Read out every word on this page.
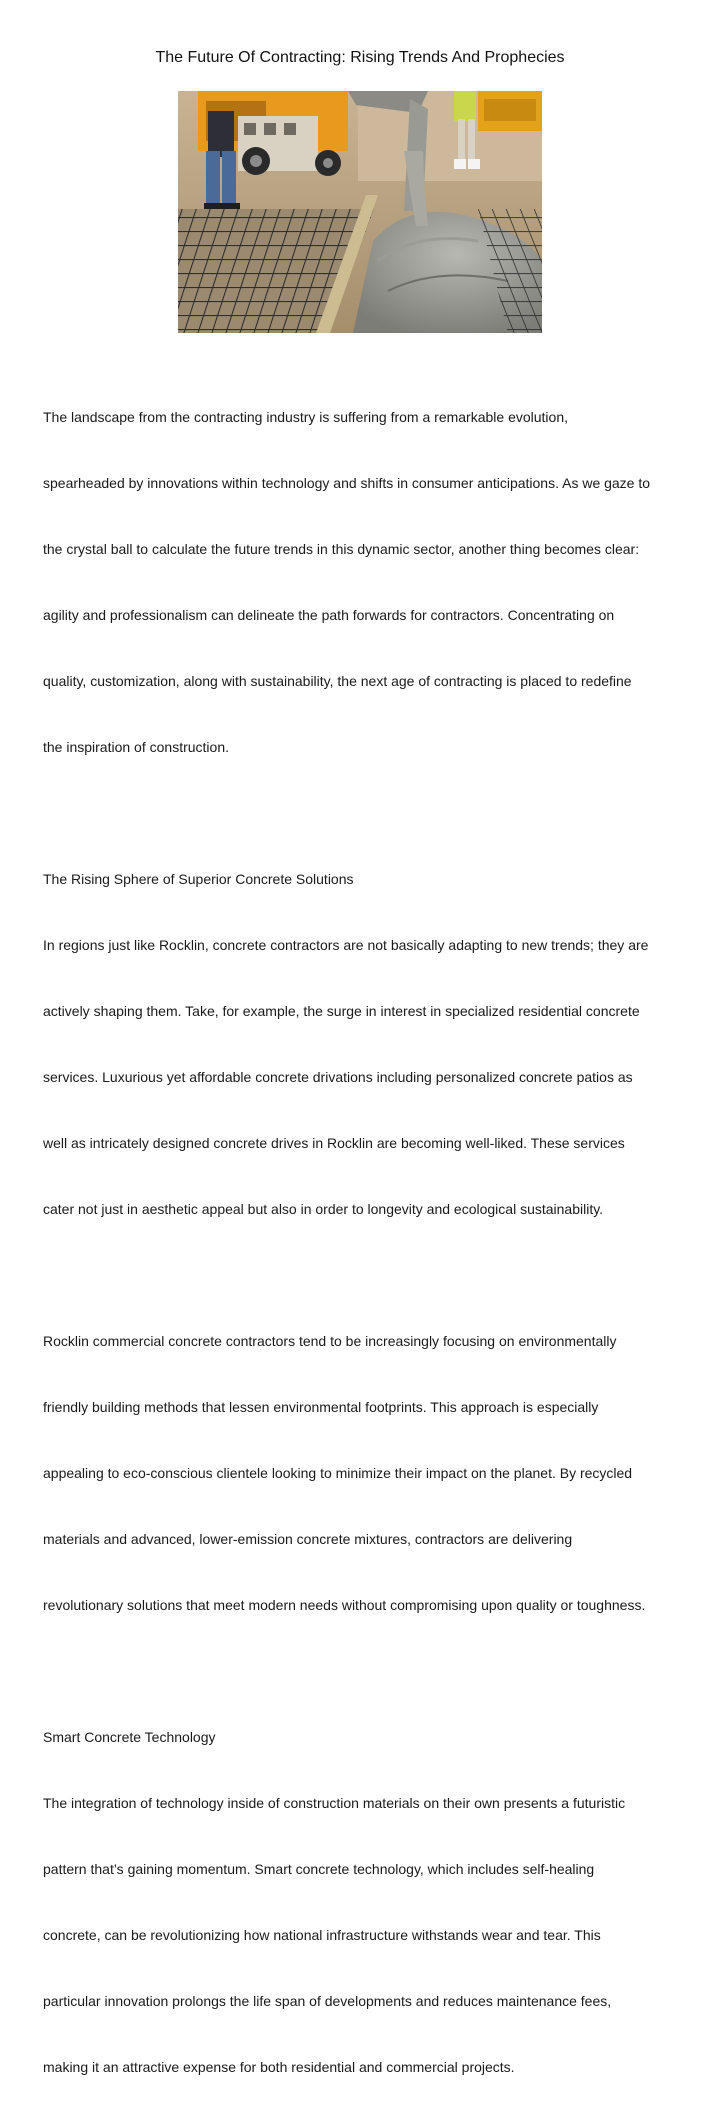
The Future Of Contracting: Rising Trends And Prophecies

The landscape from the contracting industry is suffering from a remarkable evolution,

spearheaded by innovations within technology and shifts in consumer anticipations. As we gaze to

the crystal ball to calculate the future trends in this dynamic sector, another thing becomes clear:

agility and professionalism can delineate the path forwards for contractors. Concentrating on

quality, customization, along with sustainability, the next age of contracting is placed to redefine

the inspiration of construction.

The Rising Sphere of Superior Concrete Solutions

In regions just like Rocklin, concrete contractors are not basically adapting to new trends; they are

actively shaping them. Take, for example, the surge in interest in specialized residential concrete

services. Luxurious yet affordable concrete drivations including personalized concrete patios as

well as intricately designed concrete drives in Rocklin are becoming well-liked. These services

cater not just in aesthetic appeal but also in order to longevity and ecological sustainability.

Rocklin commercial concrete contractors tend to be increasingly focusing on environmentally

friendly building methods that lessen environmental footprints. This approach is especially

appealing to eco-conscious clientele looking to minimize their impact on the planet. By recycled

materials and advanced, lower-emission concrete mixtures, contractors are delivering

revolutionary solutions that meet modern needs without compromising upon quality or toughness.

Smart Concrete Technology

The integration of technology inside of construction materials on their own presents a futuristic

pattern that’s gaining momentum. Smart concrete technology, which includes self-healing

concrete, can be revolutionizing how national infrastructure withstands wear and tear. This

particular innovation prolongs the life span of developments and reduces maintenance fees,

making it an attractive expense for both residential and commercial projects.
